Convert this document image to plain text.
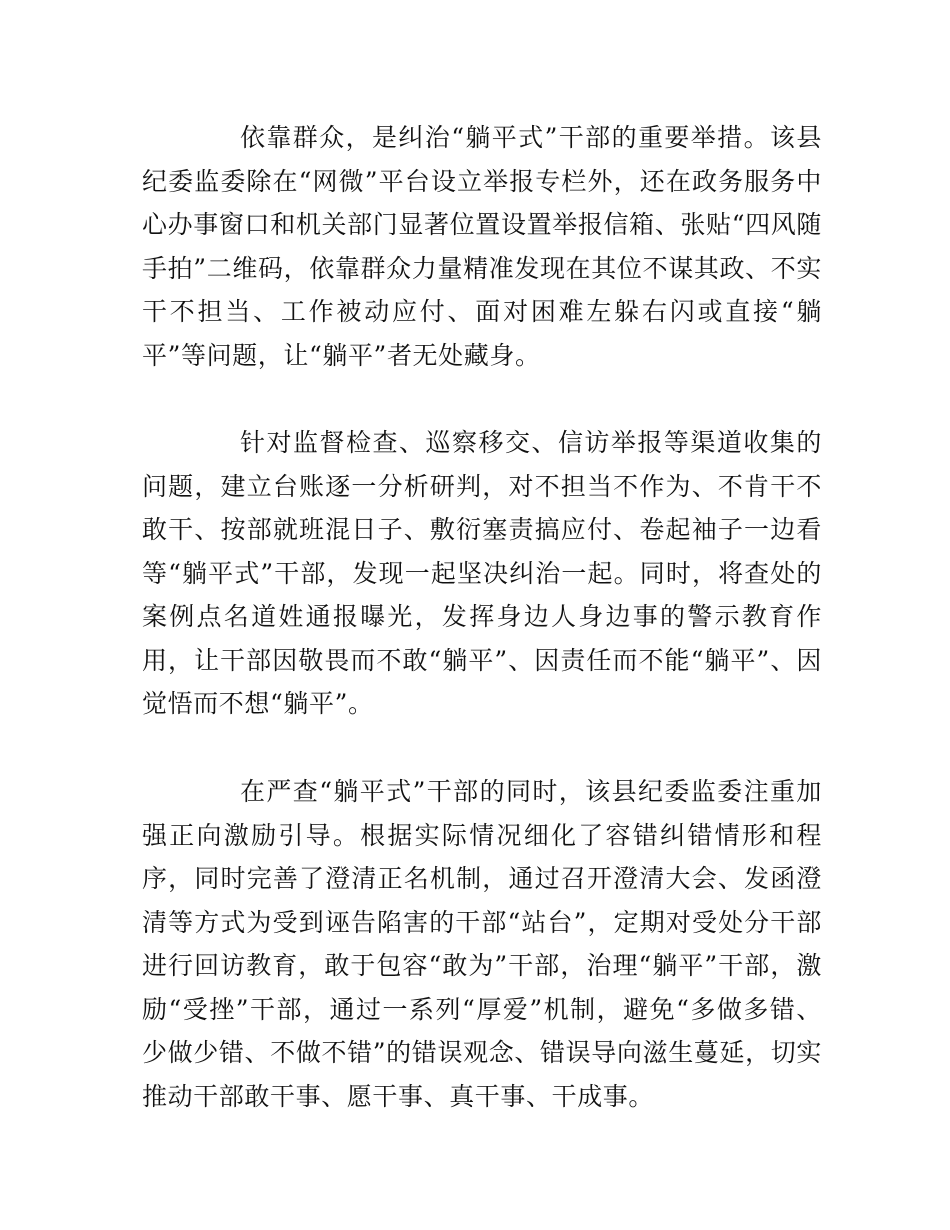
依靠群众，是纠治“躺平式”干部的重要举措。该县纪委监委除在“网微”平台设立举报专栏外，还在政务服务中心办事窗口和机关部门显著位置设置举报信箱、张贴“四风随手拍”二维码，依靠群众力量精准发现在其位不谋其政、不实干不担当、工作被动应付、面对困难左躲右闪或直接“躺平”等问题，让“躺平”者无处藏身。

针对监督检查、巡察移交、信访举报等渠道收集的问题，建立台账逐一分析研判，对不担当不作为、不肯干不敢干、按部就班混日子、敷衍塞责搞应付、卷起袖子一边看等“躺平式”干部，发现一起坚决纠治一起。同时，将查处的案例点名道姓通报曝光，发挥身边人身边事的警示教育作用，让干部因敬畏而不敢“躺平”、因责任而不能“躺平”、因觉悟而不想“躺平”。

在严查“躺平式”干部的同时，该县纪委监委注重加强正向激励引导。根据实际情况细化了容错纠错情形和程序，同时完善了澄清正名机制，通过召开澄清大会、发函澄清等方式为受到诬告陷害的干部“站台”，定期对受处分干部进行回访教育，敢于包容“敢为”干部，治理“躺平”干部，激励“受挫”干部，通过一系列“厚爱”机制，避免“多做多错、少做少错、不做不错”的错误观念、错误导向滋生蔓延，切实推动干部敢干事、愿干事、真干事、干成事。
